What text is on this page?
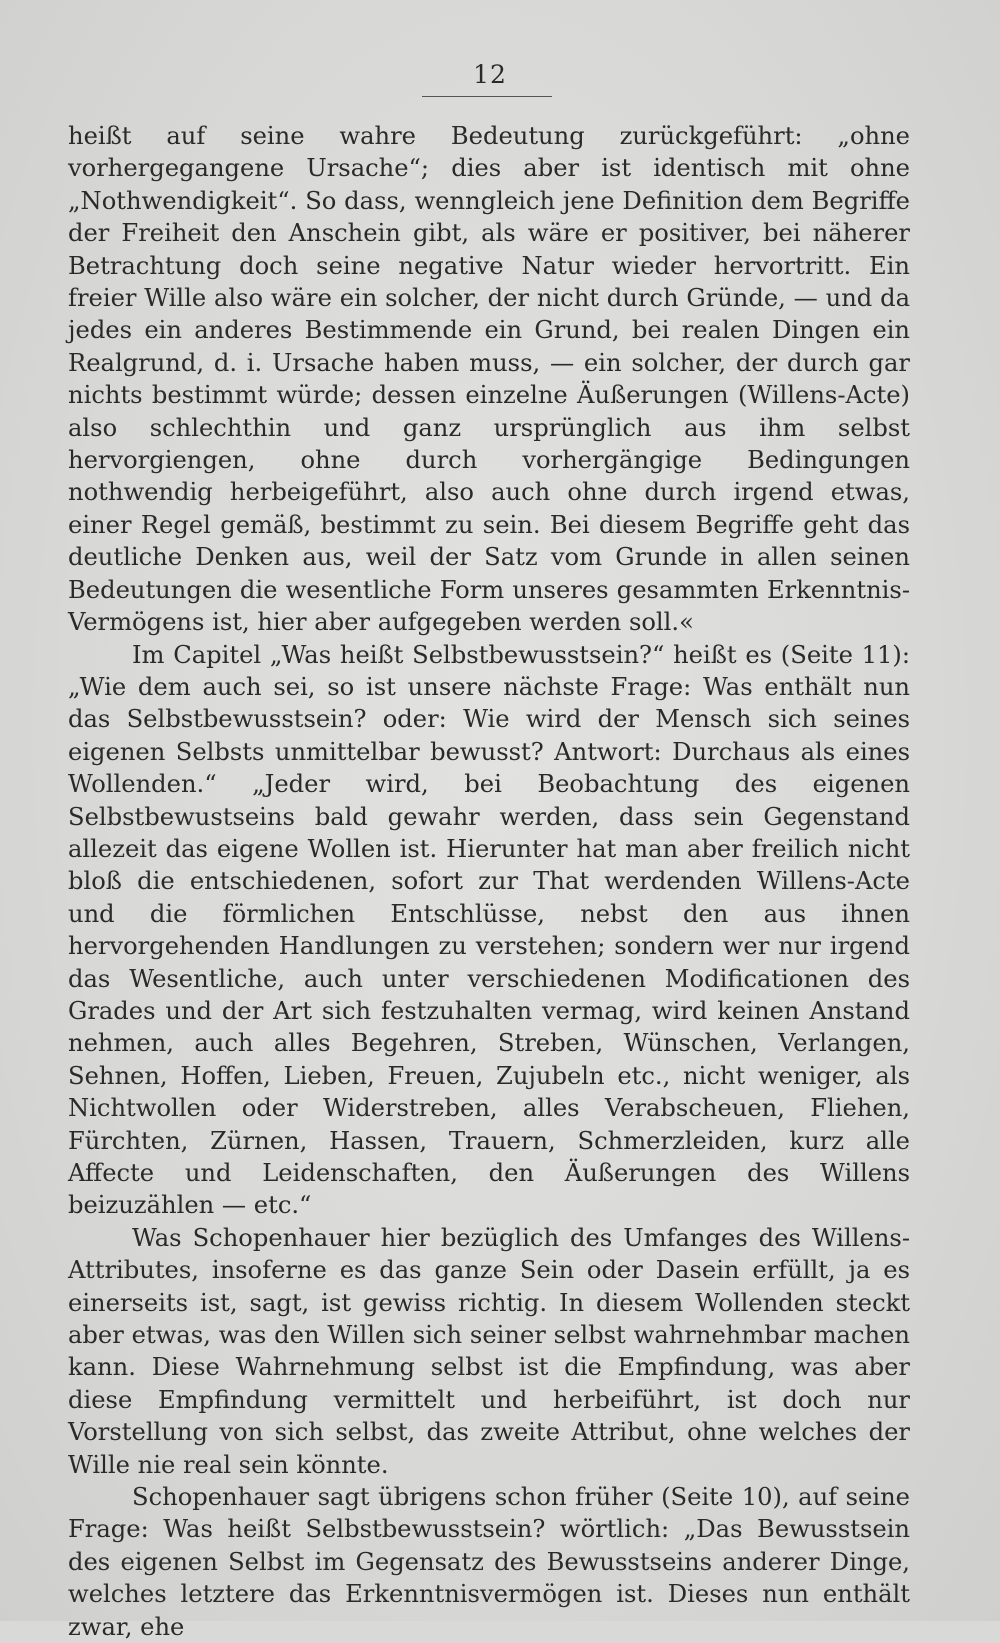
12

heißt auf seine wahre Bedeutung zurückgeführt: „ohne vorhergegangene Ursache“; dies aber ist identisch mit ohne „Nothwendigkeit“. So dass, wenngleich jene Definition dem Begriffe der Freiheit den Anschein gibt, als wäre er positiver, bei näherer Betrachtung doch seine negative Natur wieder hervortritt. Ein freier Wille also wäre ein solcher, der nicht durch Gründe, — und da jedes ein anderes Bestimmende ein Grund, bei realen Dingen ein Realgrund, d. i. Ursache haben muss, — ein solcher, der durch gar nichts bestimmt würde; dessen einzelne Äußerungen (Willens-Acte) also schlechthin und ganz ursprünglich aus ihm selbst hervorgiengen, ohne durch vorhergängige Bedingungen nothwendig herbeigeführt, also auch ohne durch irgend etwas, einer Regel gemäß, bestimmt zu sein. Bei diesem Begriffe geht das deutliche Denken aus, weil der Satz vom Grunde in allen seinen Bedeutungen die wesentliche Form unseres gesammten Erkenntnis-Vermögens ist, hier aber aufgegeben werden soll.«

Im Capitel „Was heißt Selbstbewusstsein?“ heißt es (Seite 11): „Wie dem auch sei, so ist unsere nächste Frage: Was enthält nun das Selbstbewusstsein? oder: Wie wird der Mensch sich seines eigenen Selbsts unmittelbar bewusst? Antwort: Durchaus als eines Wollenden.“ „Jeder wird, bei Beobachtung des eigenen Selbstbewustseins bald gewahr werden, dass sein Gegenstand allezeit das eigene Wollen ist. Hierunter hat man aber freilich nicht bloß die entschiedenen, sofort zur That werdenden Willens-Acte und die förmlichen Entschlüsse, nebst den aus ihnen hervorgehenden Handlungen zu verstehen; sondern wer nur irgend das Wesentliche, auch unter verschiedenen Modificationen des Grades und der Art sich festzuhalten vermag, wird keinen Anstand nehmen, auch alles Begehren, Streben, Wünschen, Verlangen, Sehnen, Hoffen, Lieben, Freuen, Zujubeln etc., nicht weniger, als Nichtwollen oder Widerstreben, alles Verabscheuen, Fliehen, Fürchten, Zürnen, Hassen, Trauern, Schmerzleiden, kurz alle Affecte und Leidenschaften, den Äußerungen des Willens beizuzählen — etc.“

Was Schopenhauer hier bezüglich des Umfanges des Willens-Attributes, insoferne es das ganze Sein oder Dasein erfüllt, ja es einerseits ist, sagt, ist gewiss richtig. In diesem Wollenden steckt aber etwas, was den Willen sich seiner selbst wahrnehmbar machen kann. Diese Wahrnehmung selbst ist die Empfindung, was aber diese Empfindung vermittelt und herbeiführt, ist doch nur Vorstellung von sich selbst, das zweite Attribut, ohne welches der Wille nie real sein könnte.

Schopenhauer sagt übrigens schon früher (Seite 10), auf seine Frage: Was heißt Selbstbewusstsein? wörtlich: „Das Bewusstsein des eigenen Selbst im Gegensatz des Bewusstseins anderer Dinge, welches letztere das Erkenntnisvermögen ist. Dieses nun enthält zwar, ehe
